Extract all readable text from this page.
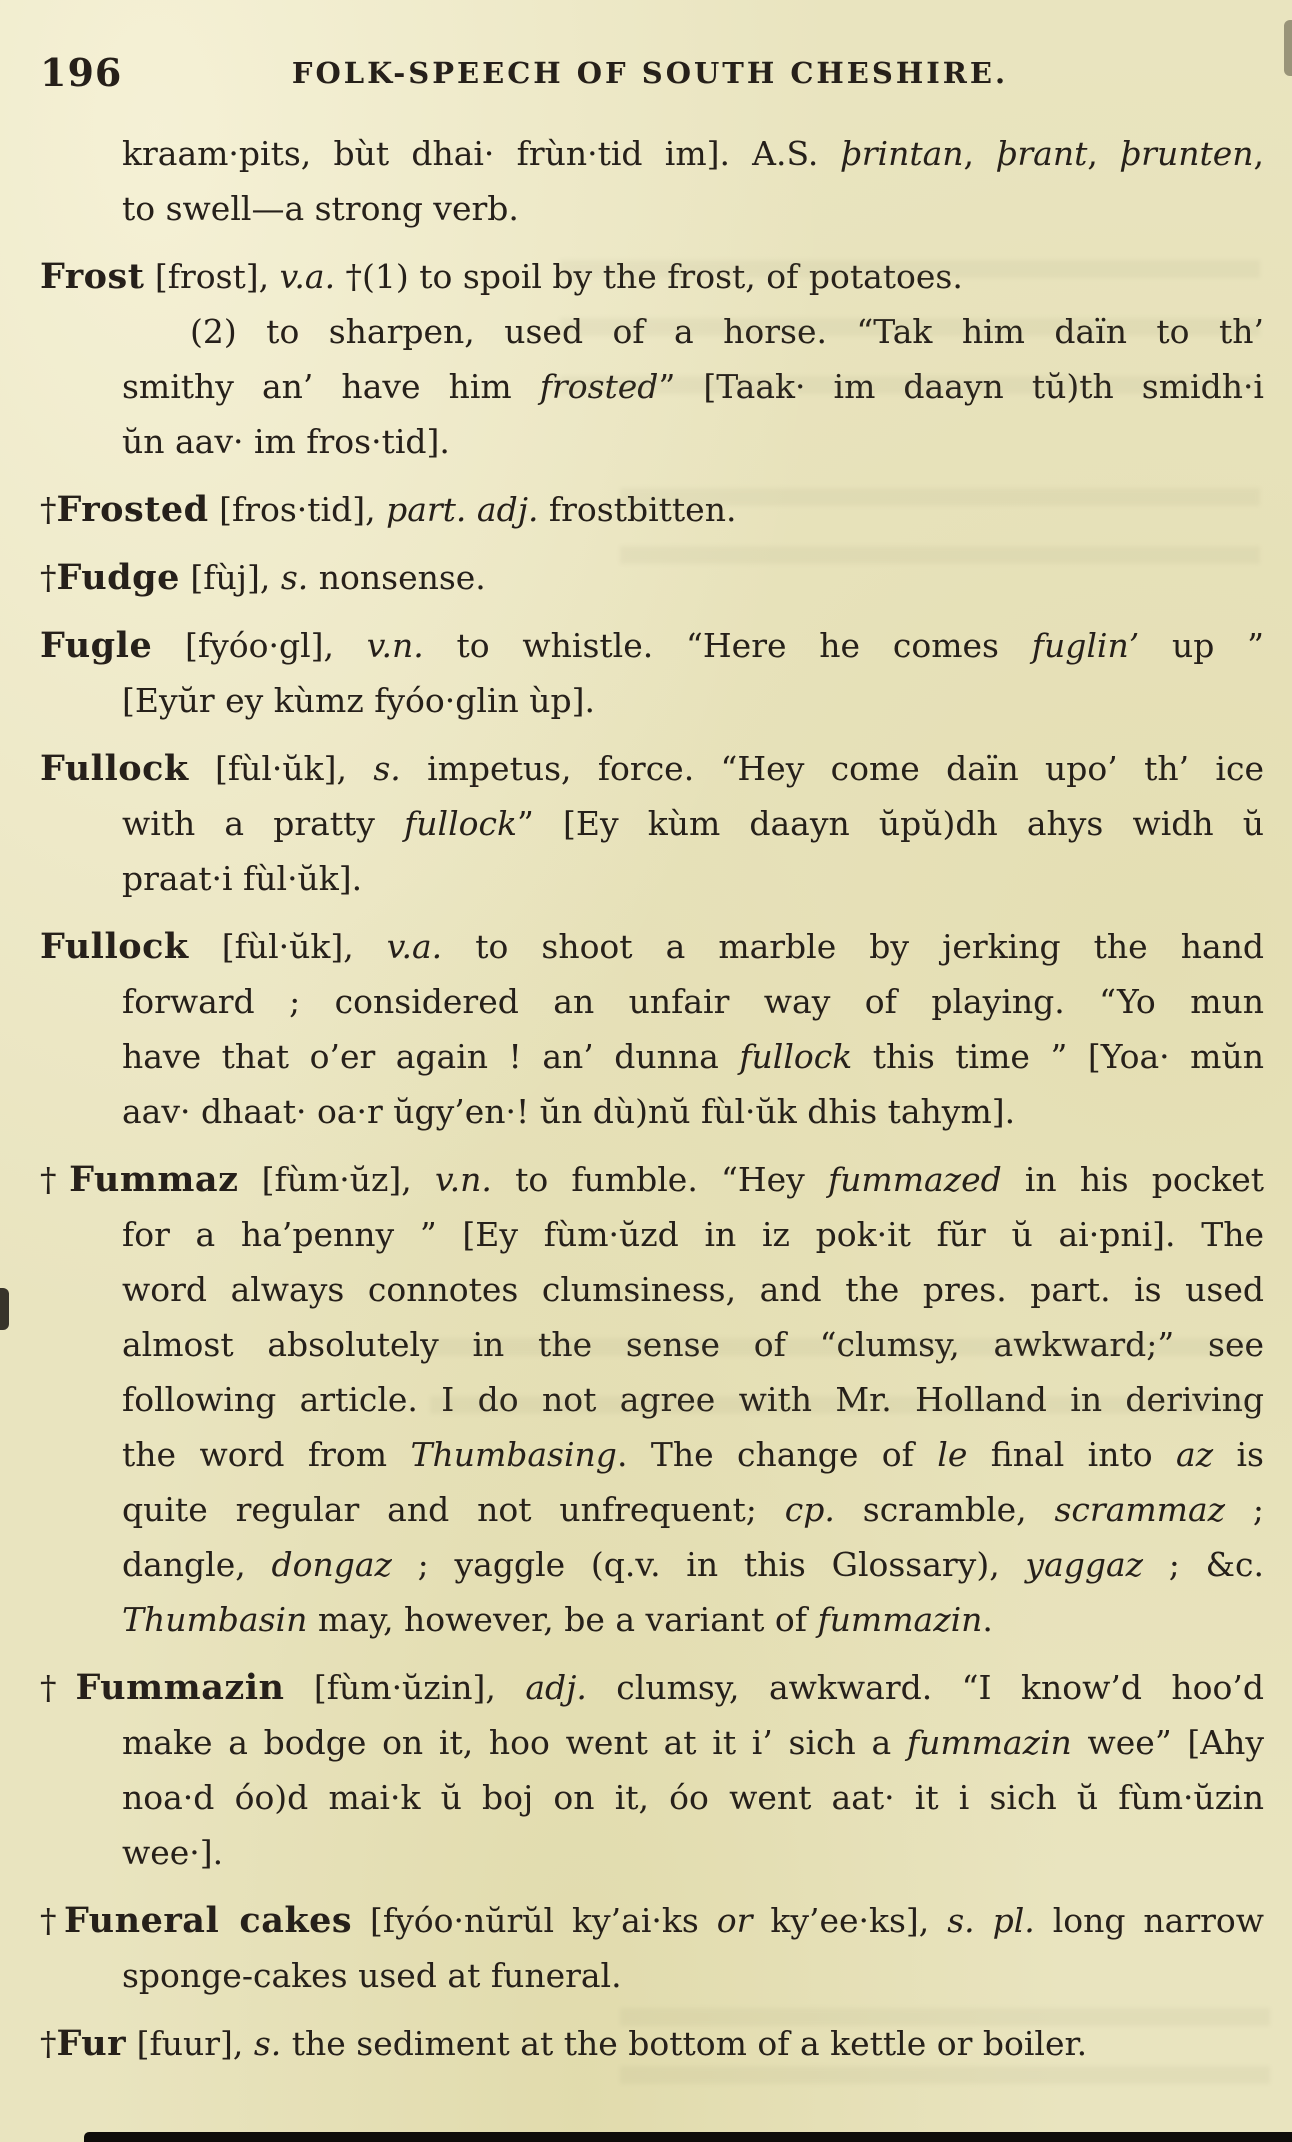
196	FOLK-SPEECH OF SOUTH CHESHIRE.
kraam·pits, bùt dhai· frùn·tid im]. A.S. þrintan, þrant, þrunten,
to swell—a strong verb.
Frost [frost], v.a. †(1) to spoil by the frost, of potatoes.
(2) to sharpen, used of a horse. “Tak him daïn to th’
smithy an’ have him frosted” [Taak· im daayn tŭ)th smidh·i
ŭn aav· im fros·tid].
†Frosted [fros·tid], part. adj. frostbitten.
†Fudge [fùj], s. nonsense.
Fugle [fyóo·gl], v.n. to whistle. “Here he comes fuglin’ up ”
[Eyŭr ey kùmz fyóo·glin ùp].
Fullock [fùl·ŭk], s. impetus, force. “Hey come daïn upo’ th’ ice
with a pratty fullock” [Ey kùm daayn ŭpŭ)dh ahys widh ŭ
praat·i fùl·ŭk].
Fullock [fùl·ŭk], v.a. to shoot a marble by jerking the hand
forward ; considered an unfair way of playing. “Yo mun
have that o’er again ! an’ dunna fullock this time ” [Yoa· mŭn
aav· dhaat· oa·r ŭgy’en·! ŭn dù)nŭ fùl·ŭk dhis tahym].
†Fummaz [fùm·ŭz], v.n. to fumble. “Hey fummazed in his pocket
for a ha’penny ” [Ey fùm·ŭzd in iz pok·it fŭr ŭ ai·pni]. The
word always connotes clumsiness, and the pres. part. is used
almost absolutely in the sense of “clumsy, awkward;” see
following article. I do not agree with Mr. Holland in deriving
the word from Thumbasing. The change of le final into az is
quite regular and not unfrequent; cp. scramble, scrammaz ;
dangle, dongaz ; yaggle (q.v. in this Glossary), yaggaz ; &c.
Thumbasin may, however, be a variant of fummazin.
†Fummazin [fùm·ŭzin], adj. clumsy, awkward. “I know’d hoo’d
make a bodge on it, hoo went at it i’ sich a fummazin wee” [Ahy
noa·d óo)d mai·k ŭ boj on it, óo went aat· it i sich ŭ fùm·ŭzin
wee·].
†Funeral cakes [fyóo·nŭrŭl ky’ai·ks or ky’ee·ks], s. pl. long narrow
sponge-cakes used at funeral.
†Fur [fuur], s. the sediment at the bottom of a kettle or boiler.
